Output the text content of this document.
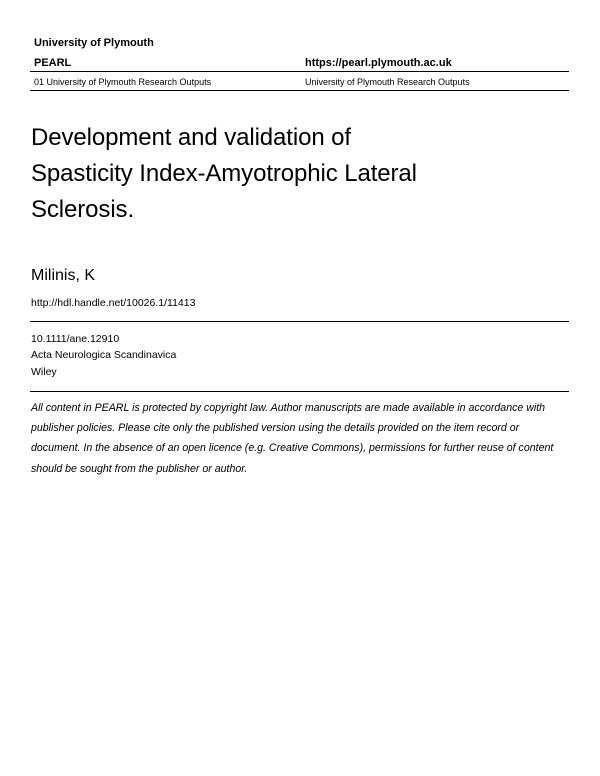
University of Plymouth
PEARL	https://pearl.plymouth.ac.uk
01 University of Plymouth Research Outputs	University of Plymouth Research Outputs
Development and validation of
Spasticity Index-Amyotrophic Lateral
Sclerosis.
Milinis, K
http://hdl.handle.net/10026.1/11413
10.1111/ane.12910
Acta Neurologica Scandinavica
Wiley
All content in PEARL is protected by copyright law. Author manuscripts are made available in accordance with
publisher policies. Please cite only the published version using the details provided on the item record or
document. In the absence of an open licence (e.g. Creative Commons), permissions for further reuse of content
should be sought from the publisher or author.
